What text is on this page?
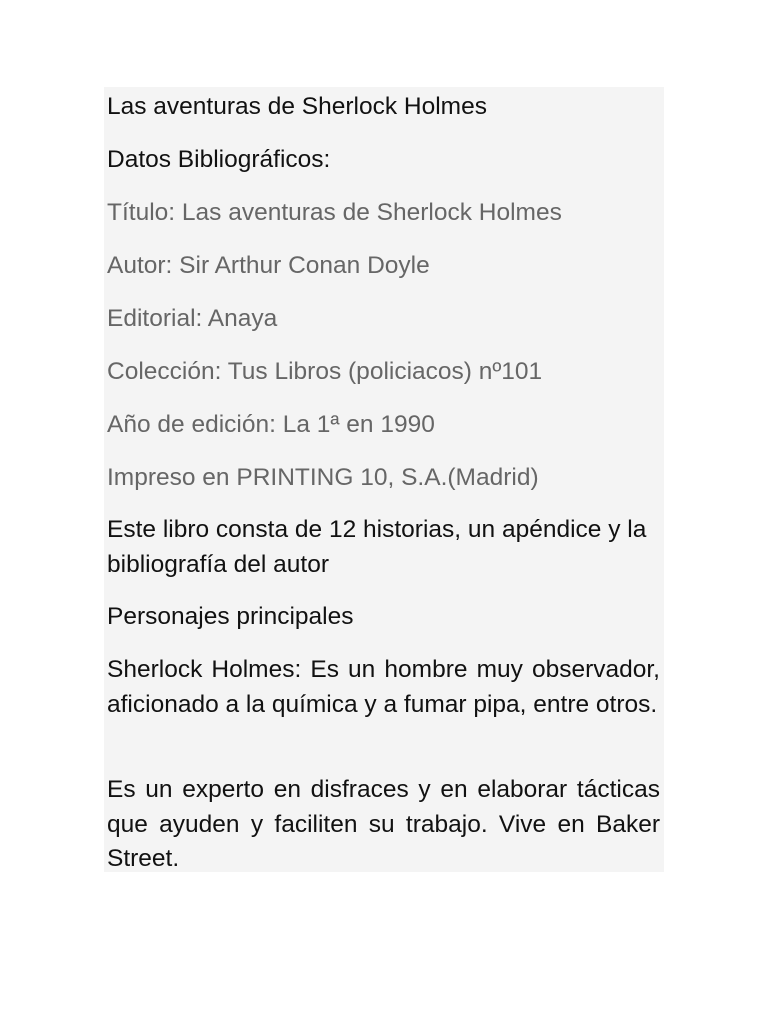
Las aventuras de Sherlock Holmes

Datos Bibliográficos:

Título: Las aventuras de Sherlock Holmes

Autor: Sir Arthur Conan Doyle

Editorial: Anaya

Colección: Tus Libros (policiacos) nº101

Año de edición: La 1ª en 1990

Impreso en PRINTING 10, S.A.(Madrid)

Este libro consta de 12 historias, un apéndice y la bibliografía del autor

Personajes principales

Sherlock Holmes: Es un hombre muy observador, aficionado a la química y a fumar pipa, entre otros.

Es un experto en disfraces y en elaborar tácticas que ayuden y faciliten su trabajo. Vive en Baker Street.
